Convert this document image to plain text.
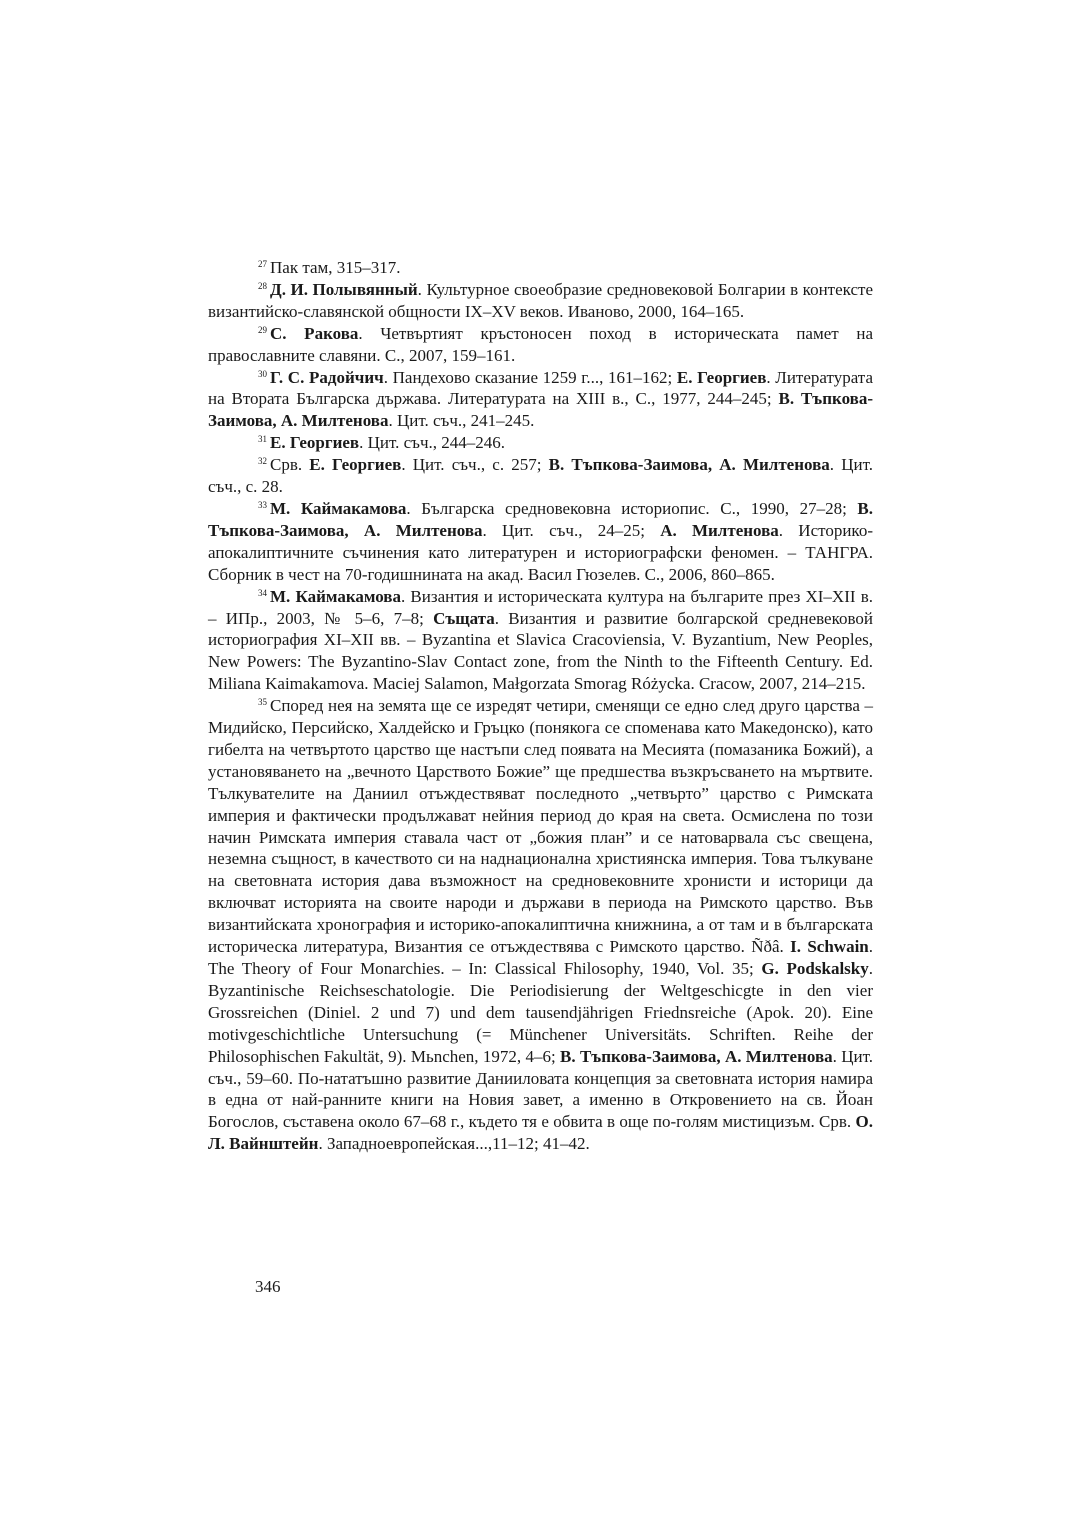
$^{27}$ Пак там, 315–317.

$^{28}$ Д. И. Полывянный. Культурное своеобразие средновековой Болгарии в контексте византийско-славянской общности IX–XV веков. Иваново, 2000, 164–165.

$^{29}$ С. Ракова. Четвъртият кръстоносен поход в историческата памет на православните славяни. С., 2007, 159–161.

$^{30}$ Г. С. Радойчич. Пандехово сказание 1259 г..., 161–162; Е. Георгиев. Литературата на Втората Българска държава. Литературата на XIII в., С., 1977, 244–245; В. Тъпкова-Заимова, А. Милтенова. Цит. съч., 241–245.

$^{31}$ Е. Георгиев. Цит. съч., 244–246.

$^{32}$ Срв. Е. Георгиев. Цит. съч., с. 257; В. Тъпкова-Заимова, А. Милтенова. Цит. съч., с. 28.

$^{33}$ М. Каймакамова. Българска средновековна историопис. С., 1990, 27–28; В. Тъпкова-Заимова, А. Милтенова. Цит. съч., 24–25; А. Милтенова. Историко-апокалиптичните съчинения като литературен и историографски феномен. – ТАНГРА. Сборник в чест на 70-годишнината на акад. Васил Гюзелев. С., 2006, 860–865.

$^{34}$ М. Каймакамова. Византия и историческата култура на българите през XI–XII в. – ИПр., 2003, № 5–6, 7–8; Същата. Византия и развитие болгарской средневековой историография XI–XII вв. – Byzantina et Slavica Cracoviensia, V. Byzantium, New Peoples, New Powers: The Byzantino-Slav Contact zone, from the Ninth to the Fifteenth Century. Ed. Miliana Kaimakamova. Maciej Salamon, Małgorzata Smorag Różycka. Cracow, 2007, 214–215.

$^{35}$ Според нея на земята ще се изредят четири, сменящи се едно след друго царства – Мидийско, Персийско, Халдейско и Гръцко (понякога се споменава като Македонско), като гибелта на четвъртото царство ще настъпи след появата на Месията (помазаника Божий), а установяването на „вечното Царството Божие” ще предшества възкръсването на мъртвите. Тълкувателите на Даниил отъждествяват последното „четвърто” царство с Римската империя и фактически продължават нейния период до края на света. Осмислена по този начин Римската империя ставала част от „божия план” и се натоварвала със свещена, неземна същност, в качеството си на наднационална християнска империя. Това тълкуване на световната история дава възможност на средновековните хронисти и историци да включват историята на своите народи и държави в периода на Римското царство. Във византийската хронография и историко-апокалиптична книжнина, а от там и в българската историческа литература, Византия се отъждествява с Римското царство. Ñðâ. I. Schwain. The Theory of Four Monarchies. – In: Classical Fhilosophy, 1940, Vol. 35; G. Podskalsky. Byzantinische Reichseschatologie. Die Periodisierung der Weltgeschicgte in den vier Grossreichen (Diniel. 2 und 7) und dem tausendjährigen Friednsreiche (Apok. 20). Eine motivgeschichtliche Untersuchung (= Münchener Universitäts. Schriften. Reihe der Philosophischen Fakultät, 9). Mьnchen, 1972, 4–6; В. Тъпкова-Заимова, А. Милтенова. Цит. съч., 59–60. По-нататъшно развитие Данииловата концепция за световната история намира в една от най-ранните книги на Новия завет, а именно в Откровението на св. Йоан Богослов, съставена около 67–68 г., където тя е обвита в още по-голям мистицизъм. Срв. О. Л. Вайнштейн. Западноевропейская...,11–12; 41–42.

346
